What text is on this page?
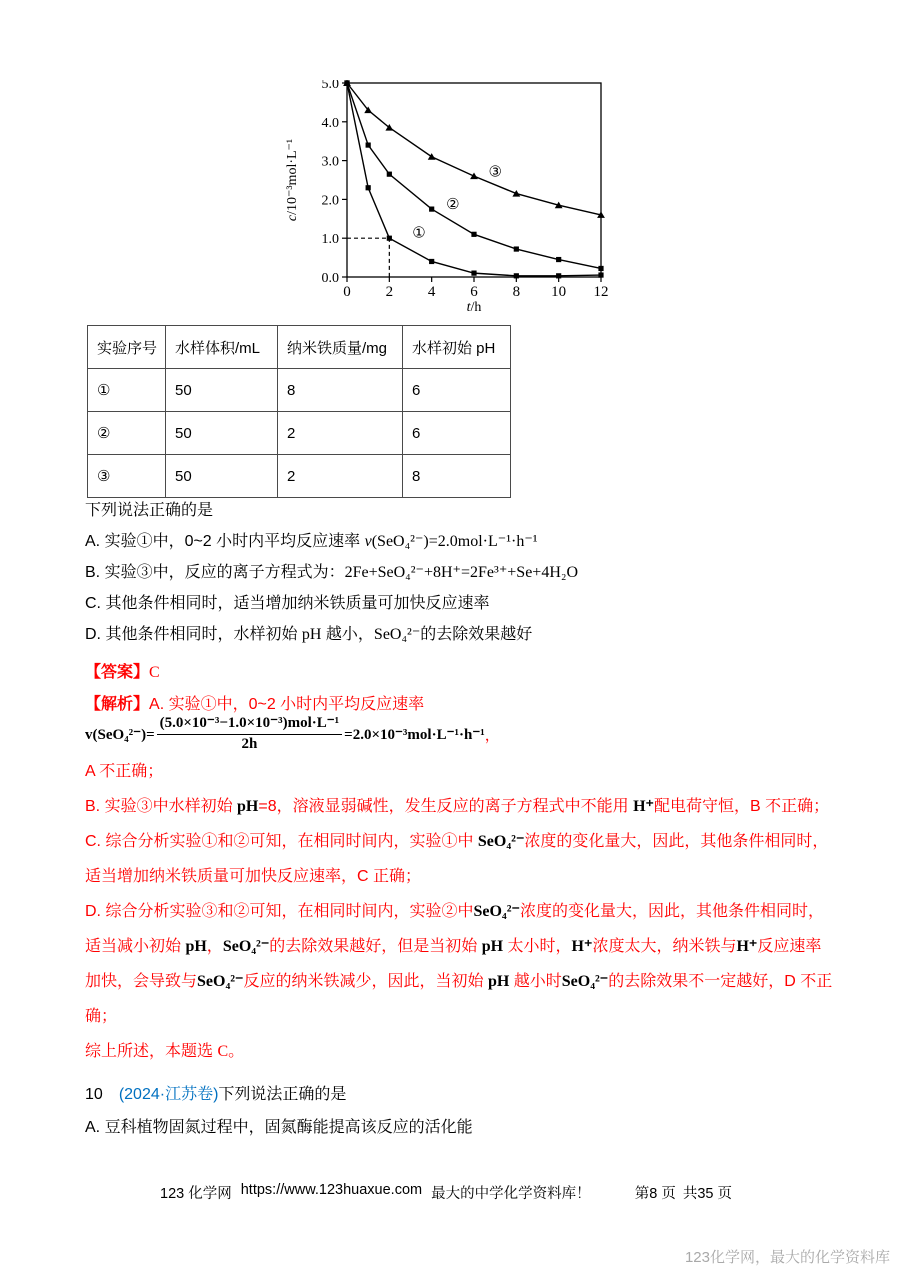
0.0
1.0
2.0
3.0
4.0
5.0
0 2 4 6 8 10 12
①
②
③
c/10⁻³mol·L⁻¹
t/h
实验序号	水样体积/mL	纳米铁质量/mg	水样初始 pH
①	50	8	6
②	50	2	6
③	50	2	8

下列说法正确的是

A. 实验①中，0~2 小时内平均反应速率 v(SeO₄²⁻)=2.0mol·L⁻¹·h⁻¹

B. 实验③中，反应的离子方程式为：2Fe+SeO₄²⁻+8H⁺=2Fe³⁺+Se+4H₂O

C. 其他条件相同时，适当增加纳米铁质量可加快反应速率

D. 其他条件相同时，水样初始 pH 越小，SeO₄²⁻的去除效果越好

【答案】C

【解析】A. 实验①中，0~2 小时内平均反应速率
$v(SeO_4^{2-})= \frac{\text{(5.0×10⁻³−1.0×10⁻³)mol·L⁻¹}}{2h} =2.0\times 10^{-3}mol\cdot L^{-1}\cdot h^{-1}$ ，

A 不正确；

B. 实验③中水样初始 pH=8，溶液显弱碱性，发生反应的离子方程式中不能用 H⁺配电荷守恒，B 不正确；

C. 综合分析实验①和②可知，在相同时间内，实验①中 SeO₄²⁻浓度的变化量大，因此，其他条件相同时，适当增加纳米铁质量可加快反应速率，C 正确；

D. 综合分析实验③和②可知，在相同时间内，实验②中SeO₄²⁻浓度的变化量大，因此，其他条件相同时，适当减小初始 pH，SeO₄²⁻的去除效果越好，但是当初始 pH 太小时，H⁺浓度太大，纳米铁与H⁺反应速率加快，会导致与SeO₄²⁻反应的纳米铁减少，因此，当初始 pH 越小时SeO₄²⁻的去除效果不一定越好，D 不正确；

综上所述，本题选 C。

10　(2024·江苏卷)下列说法正确的是

A. 豆科植物固氮过程中，固氮酶能提高该反应的活化能

123 化学网 https://www.123huaxue.com 最大的中学化学资料库！	第8 页 共35 页
123化学网，最大的化学资料库
